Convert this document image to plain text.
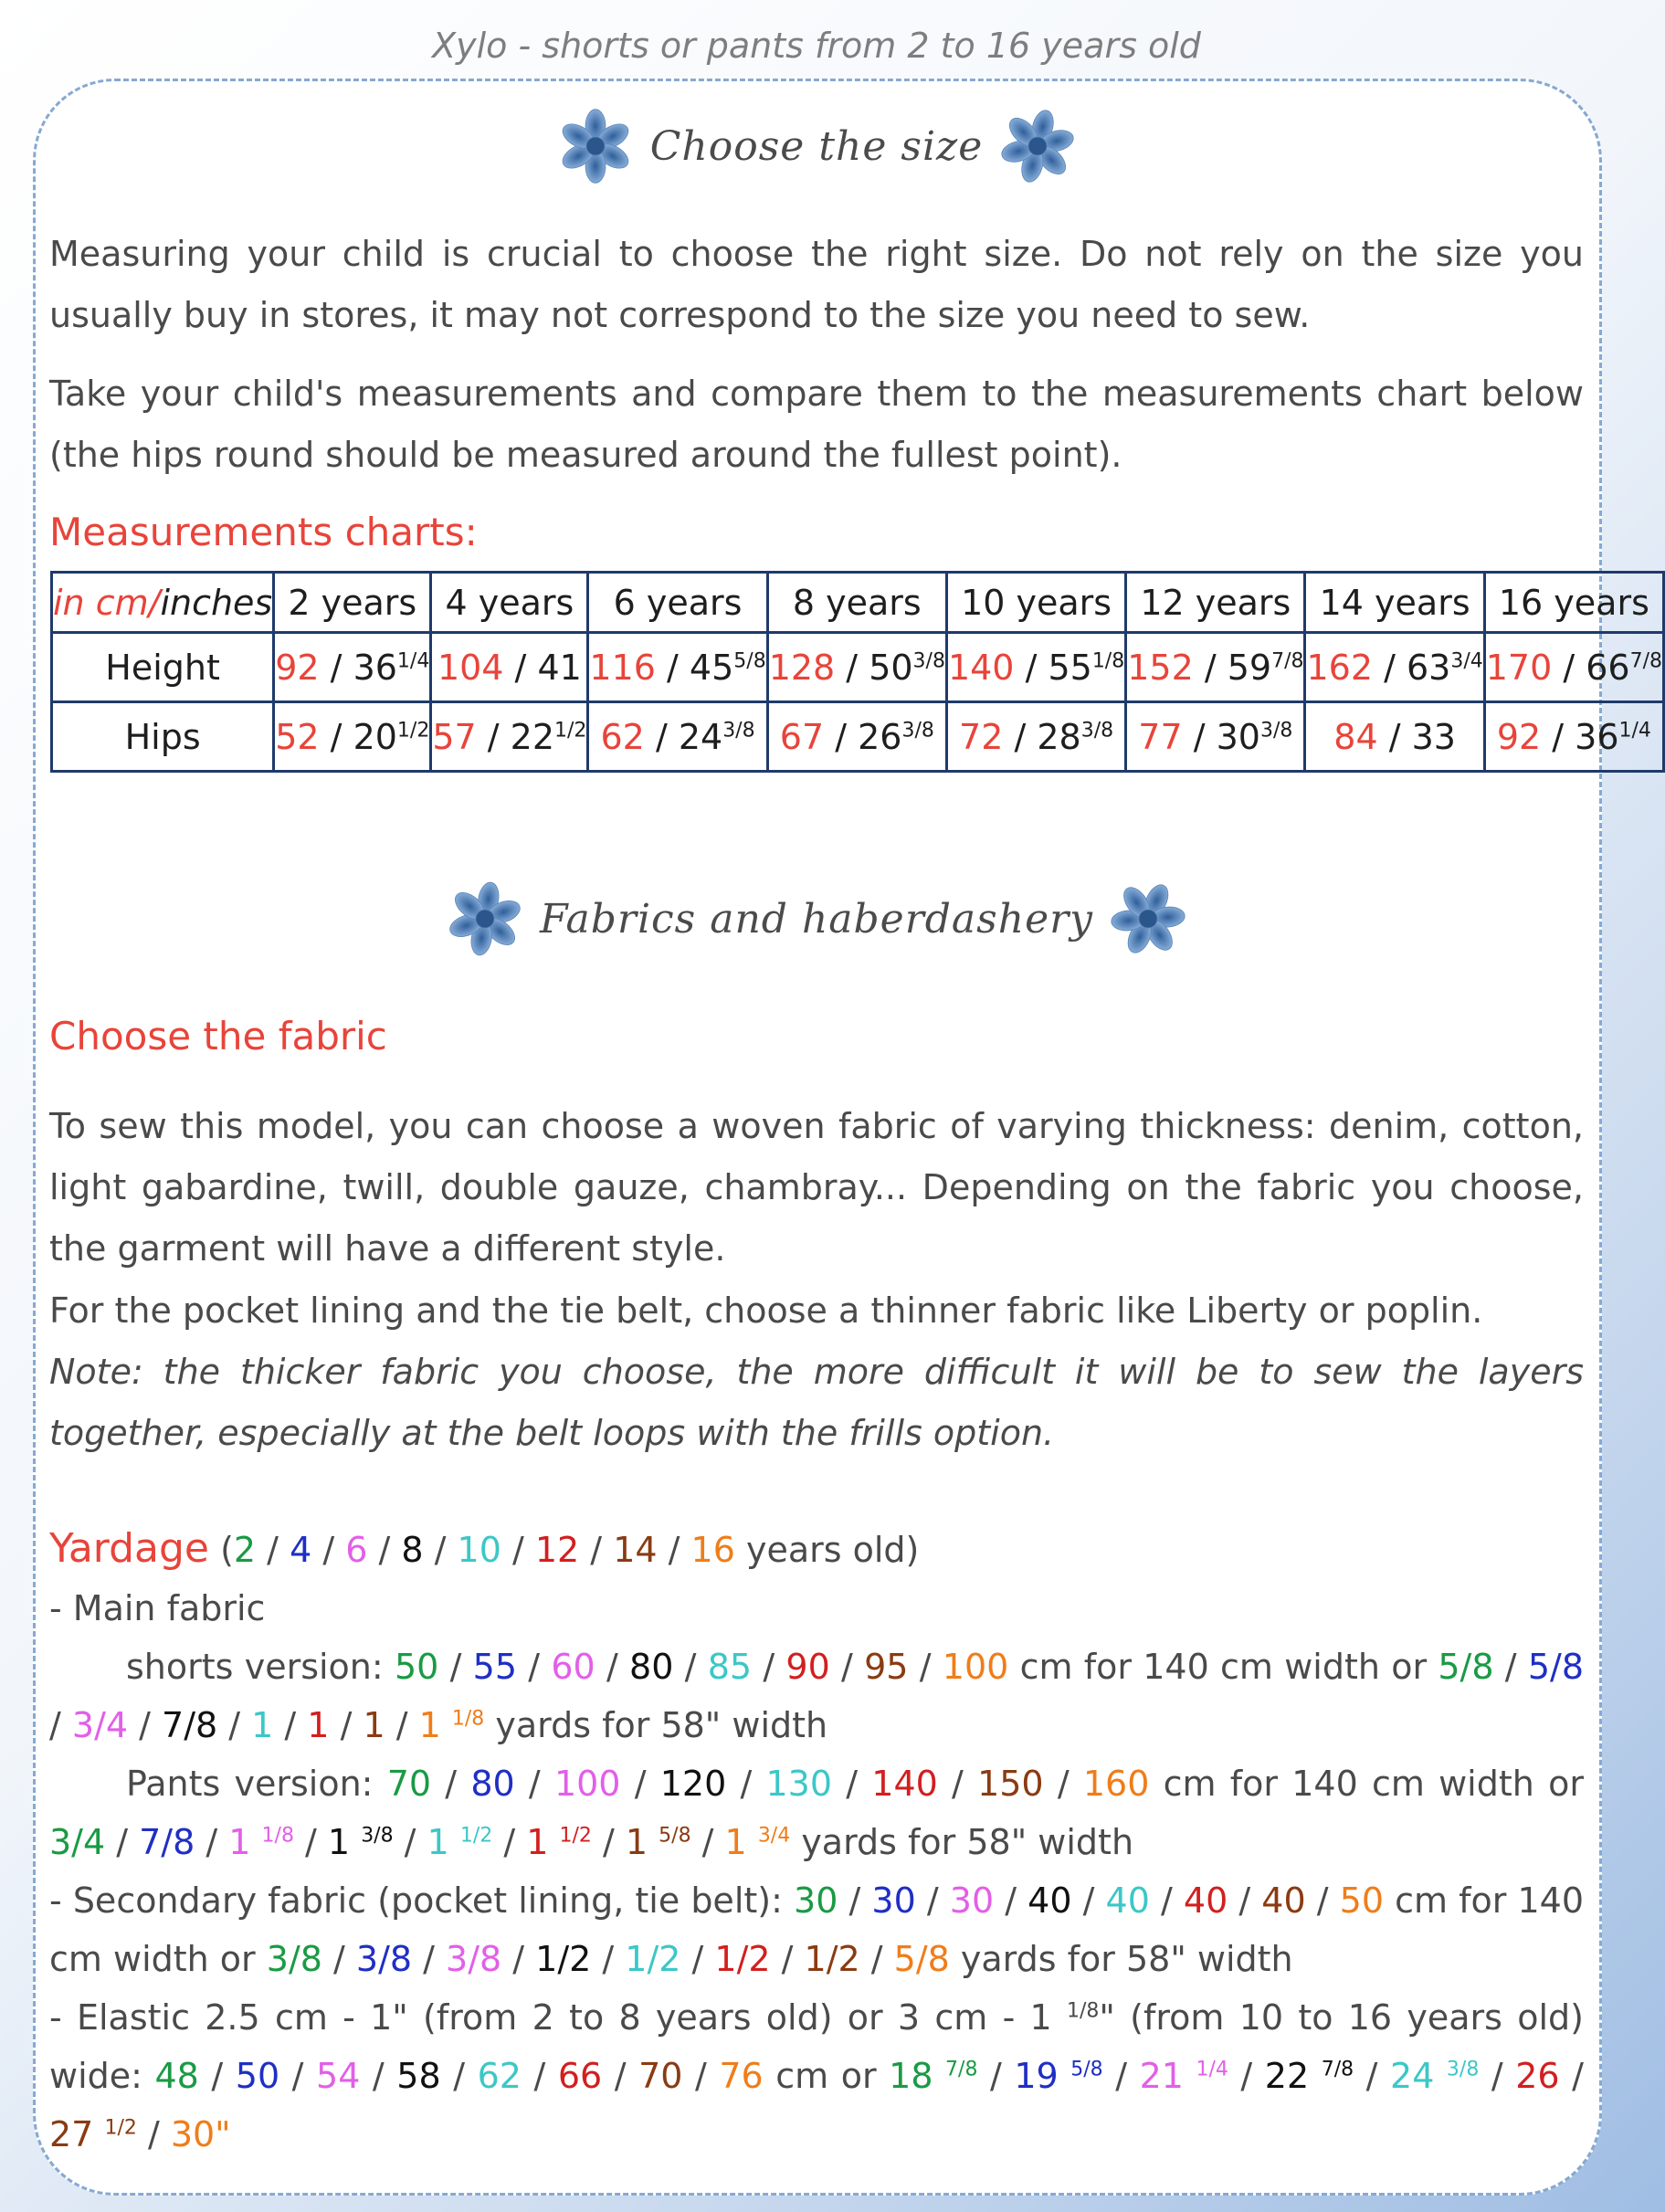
Xylo - shorts or pants from 2 to 16 years old
Choose the size

Measuring your child is crucial to choose the right size. Do not rely on the size you usually buy in stores, it may not correspond to the size you need to sew.

Take your child's measurements and compare them to the measurements chart below (the hips round should be measured around the fullest point).

Measurements charts:

in cm/inches	2 years	4 years	6 years	8 years	10 years	12 years	14 years	16 years
Height	$92 / 36^{1/4}$	104 / 41	$116 / 45^{5/8}$	$128 / 50^{3/8}$	$140 / 55^{1/8}$	$152 / 59^{7/8}$	$162 / 63^{3/4}$	$170 / 66^{7/8}$
Hips	$52 / 20^{1/2}$	$57 / 22^{1/2}$	$62 / 24^{3/8}$	$67 / 26^{3/8}$	$72 / 28^{3/8}$	$77 / 30^{3/8}$	84 / 33	$92 / 36^{1/4}$
Fabrics and haberdashery

Choose the fabric

To sew this model, you can choose a woven fabric of varying thickness: denim, cotton, light gabardine, twill, double gauze, chambray... Depending on the fabric you choose, the garment will have a different style.

For the pocket lining and the tie belt, choose a thinner fabric like Liberty or poplin.

Note: the thicker fabric you choose, the more difficult it will be to sew the layers together, especially at the belt loops with the frills option.

Yardage (2 / 4 / 6 / 8 / 10 / 12 / 14 / 16 years old)

- Main fabric

shorts version: 50 / 55 / 60 / 80 / 85 / 90 / 95 / 100 cm for 140 cm width or 5/8 / 5/8 / 3/4 / 7/8 / 1 / 1 / 1 / 1 $^{1/8}$ yards for 58" width

Pants version: 70 / 80 / 100 / 120 / 130 / 140 / 150 / 160 cm for 140 cm width or 3/4 / 7/8 / 1 $^{1/8}$ / 1 $^{3/8}$ / 1 $^{1/2}$ / 1 $^{1/2}$ / 1 $^{5/8}$ / 1 $^{3/4}$ yards for 58" width

- Secondary fabric (pocket lining, tie belt): 30 / 30 / 30 / 40 / 40 / 40 / 40 / 50 cm for 140 cm width or 3/8 / 3/8 / 3/8 / 1/2 / 1/2 / 1/2 / 1/2 / 5/8 yards for 58" width

- Elastic 2.5 cm - 1" (from 2 to 8 years old) or 3 cm - 1 $^{1/8}$" (from 10 to 16 years old) wide: 48 / 50 / 54 / 58 / 62 / 66 / 70 / 76 cm or 18 $^{7/8}$ / 19 $^{5/8}$ / 21 $^{1/4}$ / 22 $^{7/8}$ / 24 $^{3/8}$ / 26 / 27 $^{1/2}$ / 30"
